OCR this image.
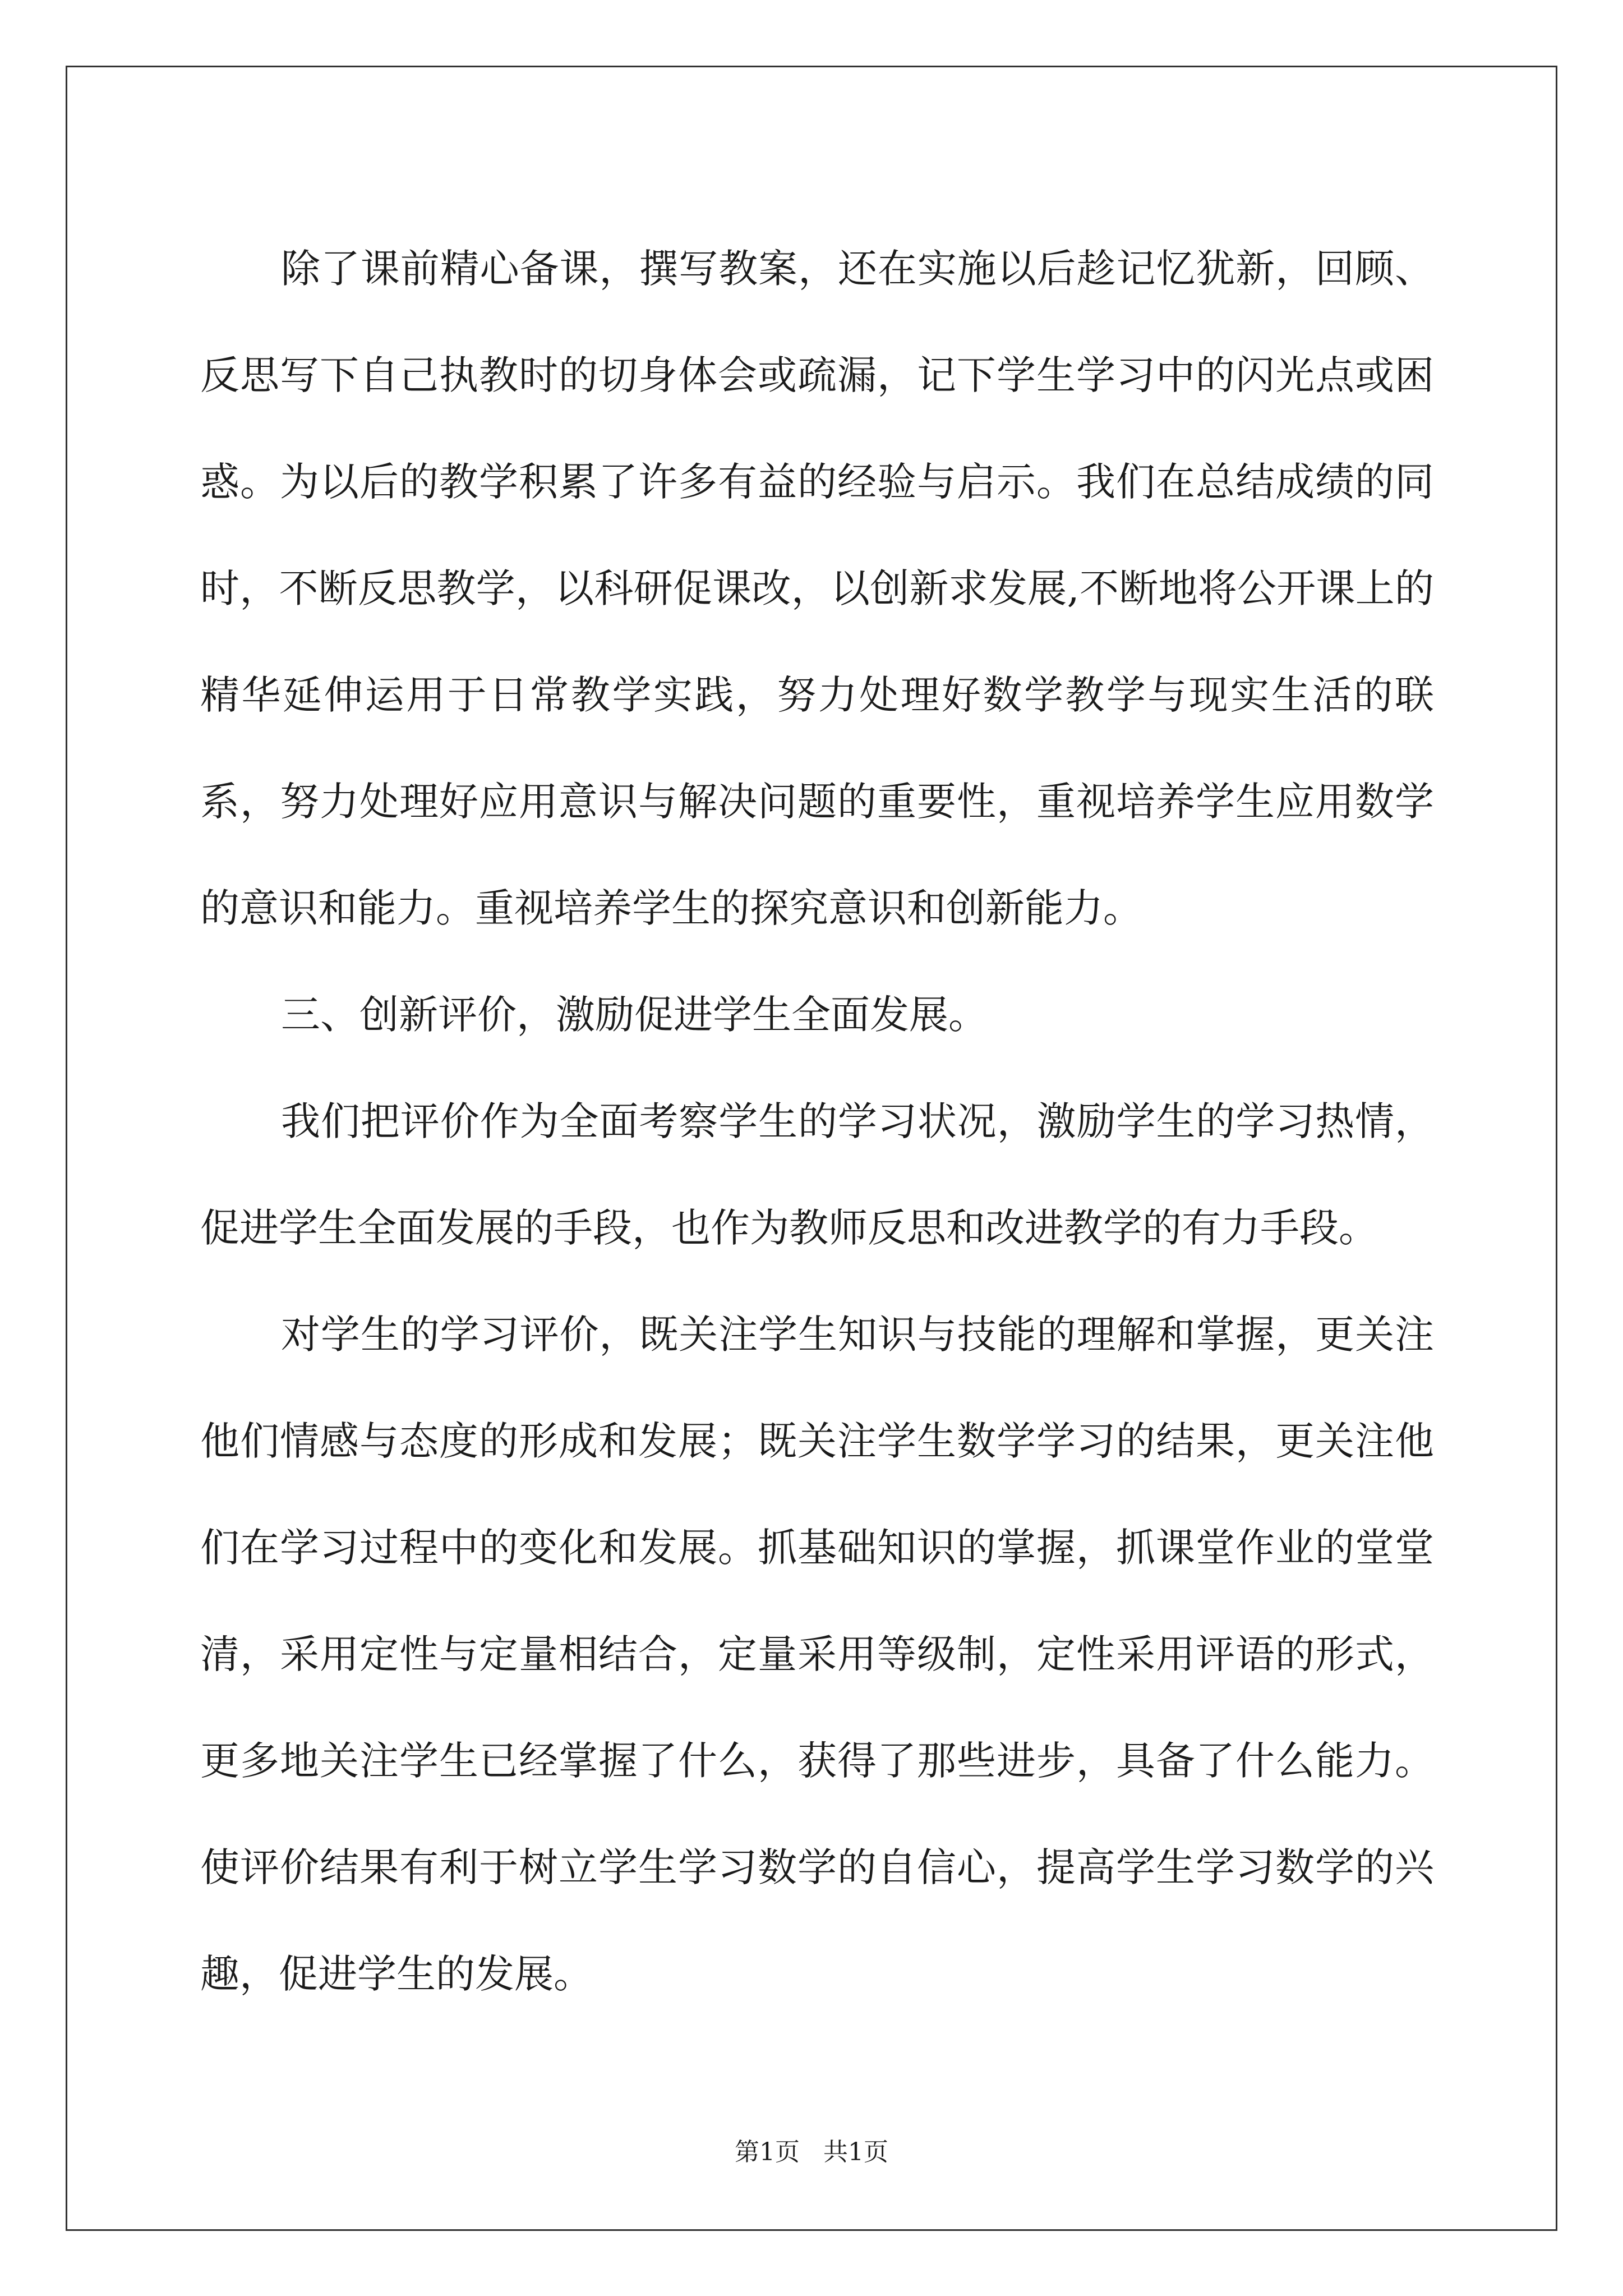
除了课前精心备课，撰写教案，还在实施以后趁记忆犹新，回顾、反思写下自己执教时的切身体会或疏漏，记下学生学习中的闪光点或困惑。为以后的教学积累了许多有益的经验与启示。我们在总结成绩的同时，不断反思教学，以科研促课改，以创新求发展,不断地将公开课上的精华延伸运用于日常教学实践，努力处理好数学教学与现实生活的联系，努力处理好应用意识与解决问题的重要性，重视培养学生应用数学的意识和能力。重视培养学生的探究意识和创新能力。

三、创新评价，激励促进学生全面发展。

我们把评价作为全面考察学生的学习状况，激励学生的学习热情，促进学生全面发展的手段，也作为教师反思和改进教学的有力手段。

对学生的学习评价，既关注学生知识与技能的理解和掌握，更关注他们情感与态度的形成和发展；既关注学生数学学习的结果，更关注他们在学习过程中的变化和发展。抓基础知识的掌握，抓课堂作业的堂堂清，采用定性与定量相结合，定量采用等级制，定性采用评语的形式，更多地关注学生已经掌握了什么，获得了那些进步，具备了什么能力。使评价结果有利于树立学生学习数学的自信心，提高学生学习数学的兴趣，促进学生的发展。

第1页   共1页
